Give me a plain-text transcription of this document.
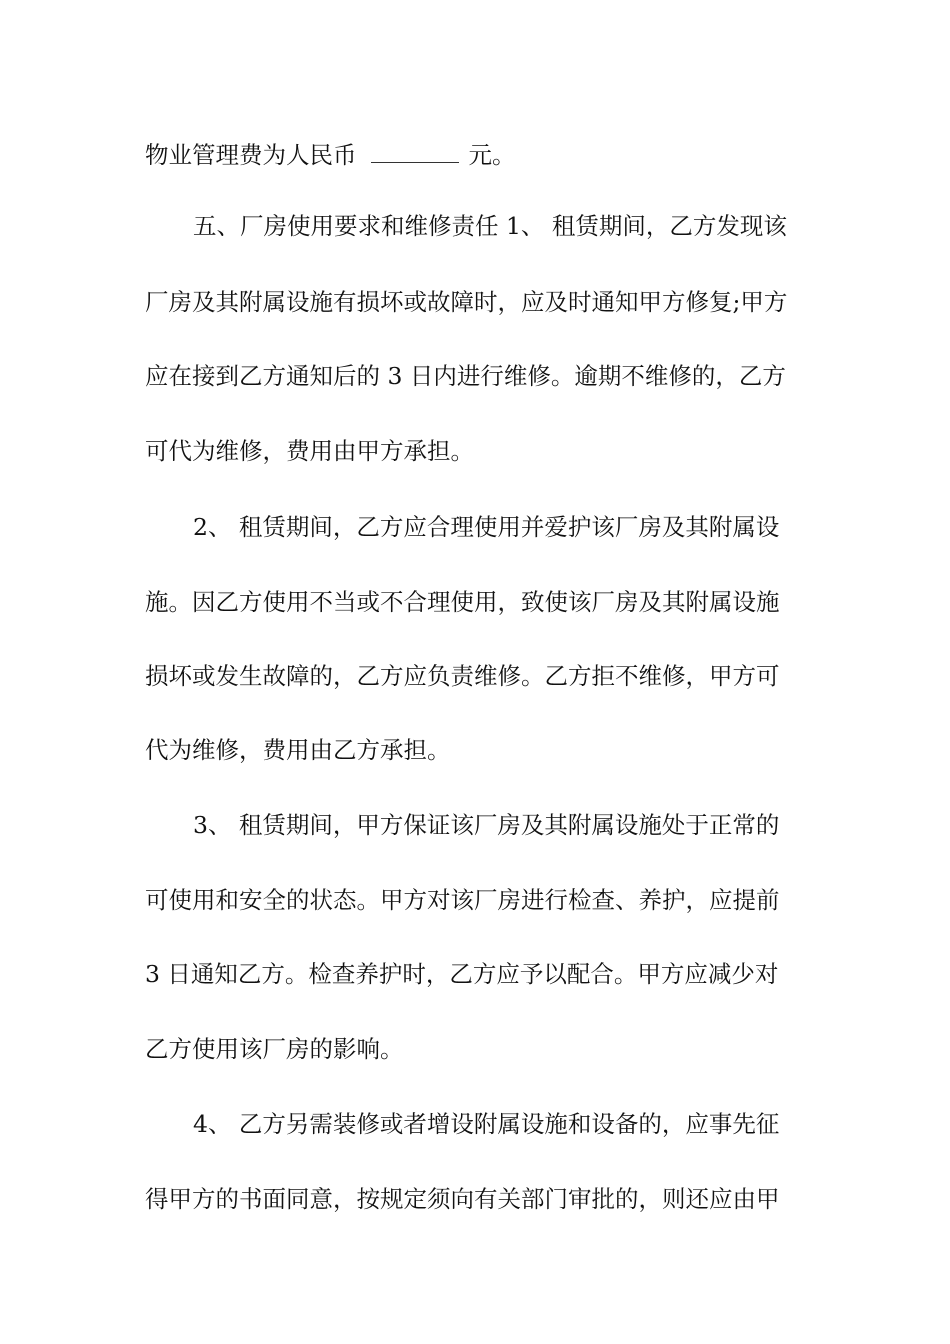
物业管理费为人民币	元。
五、厂房使用要求和维修责任 1、 租赁期间，乙方发现该
厂房及其附属设施有损坏或故障时，应及时通知甲方修复;甲方
应在接到乙方通知后的 3 日内进行维修。逾期不维修的，乙方
可代为维修，费用由甲方承担。
2、 租赁期间，乙方应合理使用并爱护该厂房及其附属设
施。因乙方使用不当或不合理使用，致使该厂房及其附属设施
损坏或发生故障的，乙方应负责维修。乙方拒不维修，甲方可
代为维修，费用由乙方承担。
3、 租赁期间，甲方保证该厂房及其附属设施处于正常的
可使用和安全的状态。甲方对该厂房进行检查、养护，应提前
3 日通知乙方。检查养护时，乙方应予以配合。甲方应减少对
乙方使用该厂房的影响。
4、 乙方另需装修或者增设附属设施和设备的，应事先征
得甲方的书面同意，按规定须向有关部门审批的，则还应由甲
